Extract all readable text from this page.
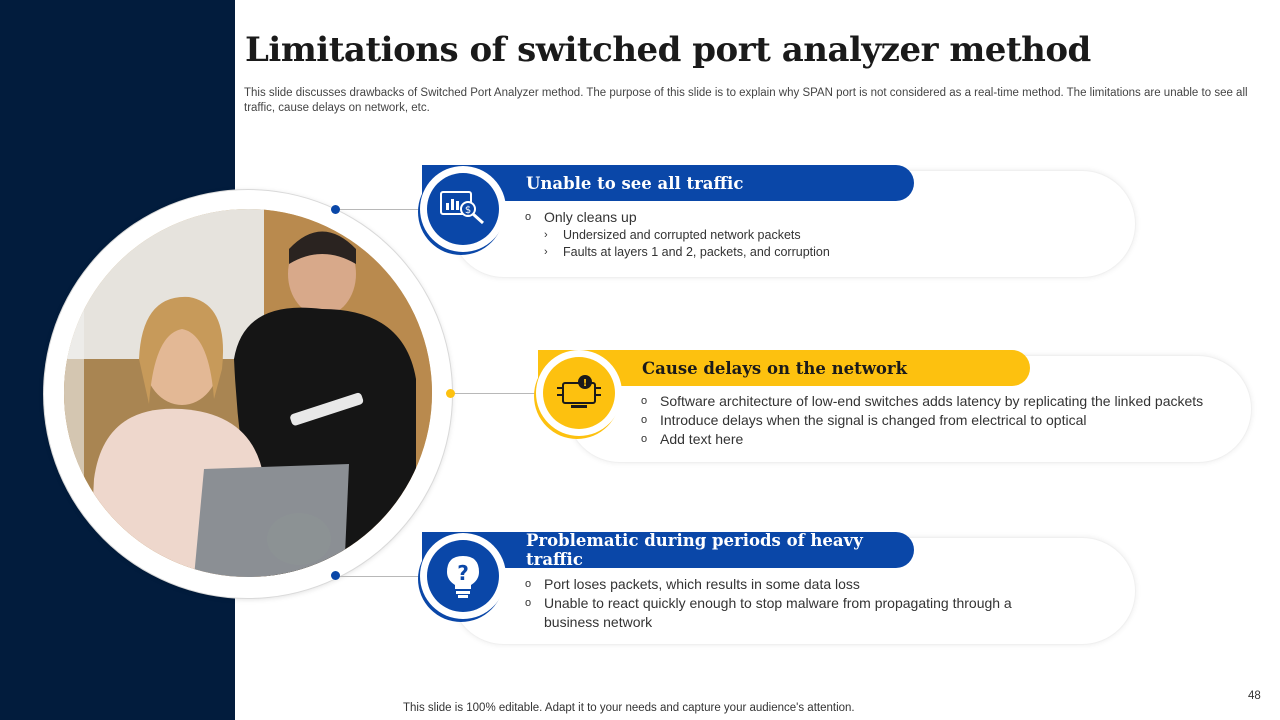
Limitations of switched port analyzer method

This slide discusses drawbacks of Switched Port Analyzer method. The purpose of this slide is to explain why SPAN port is not considered as a real-time method. The limitations are unable to see all traffic, cause delays on network, etc.

Unable to see all traffic
$
o Only cleans up
›	Undersized and corrupted network packets
›	Faults at layers 1 and 2, packets, and corruption
Cause delays on the network
!
o Software architecture of low-end switches adds latency by replicating the linked packets
o Introduce delays when the signal is changed from electrical to optical
o Add text here
Problematic during periods of heavy traffic
?	o Port loses packets, which results in some data loss
o Unable to react quickly enough to stop malware from propagating through a business network
This slide is 100% editable. Adapt it to your needs and capture your audience's attention.
48
